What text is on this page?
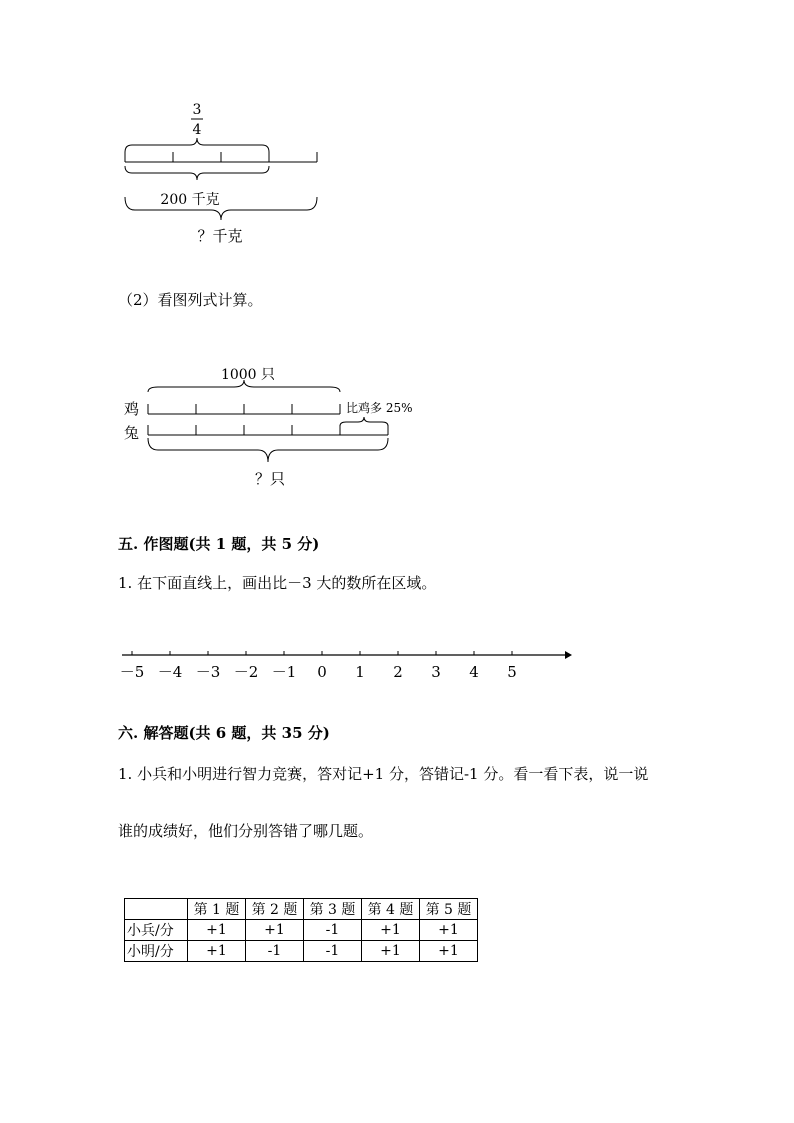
3
4
200 千克
？千克
（2）看图列式计算。
1000 只
鸡	比鸡多 25%
兔
？只
五. 作图题(共 1 题，共 5 分)
1. 在下面直线上，画出比－3 大的数所在区域。
－5 －4 －3 －2 －1 0 1 2 3 4 5
六. 解答题(共 6 题，共 35 分)
1. 小兵和小明进行智力竞赛，答对记+1 分，答错记-1 分。看一看下表，说一说
谁的成绩好，他们分别答错了哪几题。
	第 1 题	第 2 题	第 3 题	第 4 题	第 5 题
小兵/分	+1	+1	-1	+1	+1
小明/分	+1	-1	-1	+1	+1
